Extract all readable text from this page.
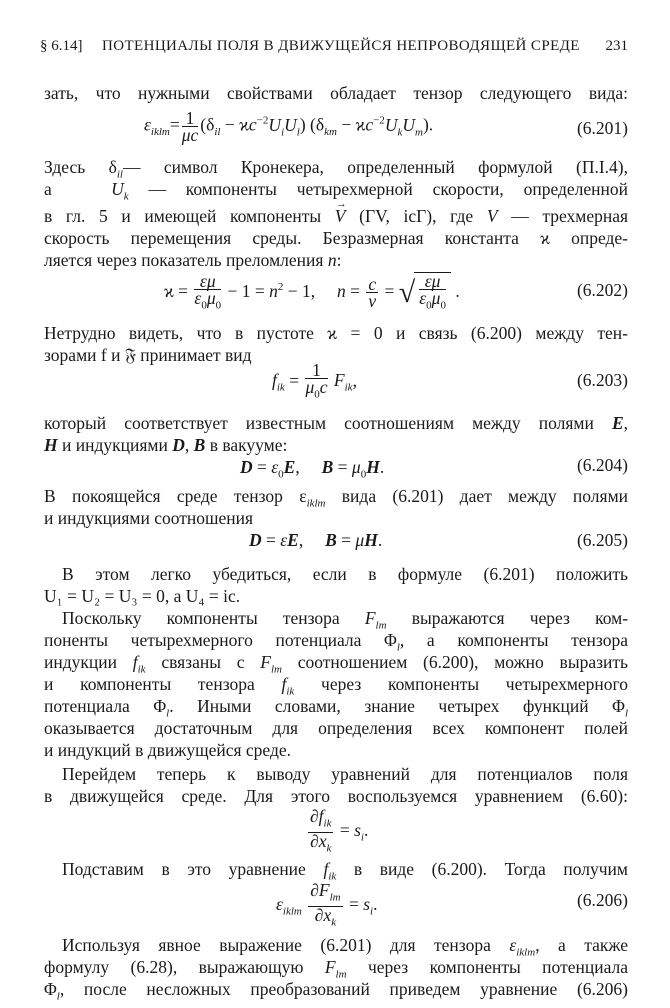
§ 6.14] ПОТЕНЦИАЛЫ ПОЛЯ В ДВИЖУЩЕЙСЯ НЕПРОВОДЯЩЕЙ СРЕДЕ 231
зать, что нужными свойствами обладает тензор следующего вида:
$\varepsilon_{iklm}= \frac{1}{\mu c} (\delta_{il} - ϰc^{-2}U_iU_l) (\delta_{km} - ϰc^{-2}U_kU_m)$.	(6.201)
Здесь $\delta_{il}—$ символ Кронекера, определенный формулой (П.I.4),
а	$U_k$ — компоненты четырехмерной скорости, определенной
в гл. 5 и имеющей компоненты → V (ΓV, icΓ), где V — трехмерная
скорость перемещения среды. Безразмерная константа ϰ опреде-
ляется через показатель преломления n:
$ϰ = \frac{\varepsilon\mu}{\varepsilon_0\mu_0} - 1 = n^2 - 1$,     $n = \frac{c}{v}$ = √ $\frac{\varepsilon\mu}{\varepsilon_0\mu_0}$ .	(6.202)
Нетрудно видеть, что в пустоте ϰ = 0 и связь (6.200) между тен-
зорами f и 𝔉 принимает вид
$f_{ik} = \frac{1}{\mu_0c} F_{ik}$,	(6.203)
который соответствует известным соотношениям между полями E,
H и индукциями D, B в вакууме:
$D = \varepsilon_0E$,     $B = \mu_0H$.	(6.204)
В покоящейся среде тензор $\varepsilon_{iklm}$ вида (6.201) дает между полями
и индукциями соотношения
D = εE,     B = μH.	(6.205)
В этом легко убедиться, если в формуле (6.201) положить
U₁ = U₂ = U₃ = 0, а U₄ = ic.
Поскольку компоненты тензора $F_{lm}$ выражаются через ком-
поненты четырехмерного потенциала $\Phi_l$, а компоненты тензора
индукции $f_{ik}$ связаны с $F_{lm}$ соотношением (6.200), можно выразить
и компоненты тензора $f_{ik}$ через компоненты четырехмерного
потенциала $\Phi_l$. Иными словами, знание четырех функций $\Phi_l$
оказывается достаточным для определения всех компонент полей
и индукций в движущейся среде.
Перейдем теперь к выводу уравнений для потенциалов поля
в движущейся среде. Для этого воспользуемся уравнением (6.60):
$\frac{\partial f_{ik}}{\partial x_k} = s_i$.
Подставим в это уравнение $f_{ik}$ в виде (6.200). Тогда получим
$\varepsilon_{iklm} \frac{\partial F_{lm}}{\partial x_k} = s_i$.	(6.206)
Используя явное выражение (6.201) для тензора $\varepsilon_{iklm}$, а также
формулу (6.28), выражающую $F_{lm}$ через компоненты потенциала
$\Phi_l$, после несложных преобразований приведем уравнение (6.206)
